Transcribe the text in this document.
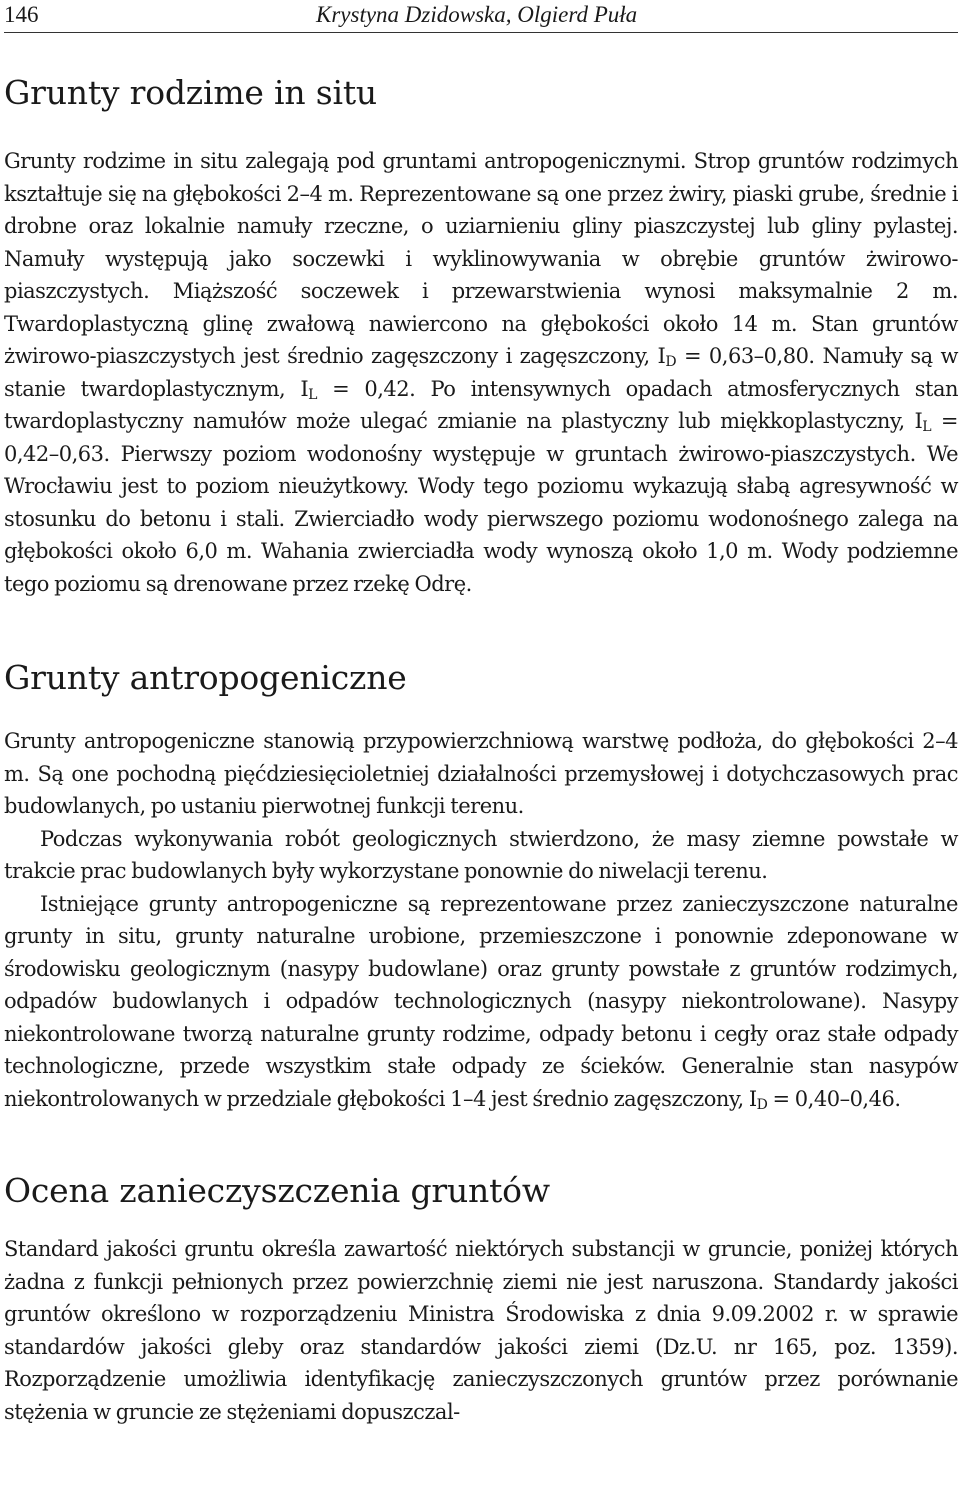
146	Krystyna Dzidowska, Olgierd Puła
Grunty rodzime in situ

Grunty rodzime in situ zalegają pod gruntami antropogenicznymi. Strop gruntów rodzimych kształtuje się na głębokości 2–4 m. Reprezentowane są one przez żwiry, piaski grube, średnie i drobne oraz lokalnie namuły rzeczne, o uziarnieniu gliny piaszczystej lub gliny pylastej. Namuły występują jako soczewki i wyklinowywania w obrębie gruntów żwirowo-piaszczystych. Miąższość soczewek i przewarstwienia wynosi maksymalnie 2 m. Twardoplastyczną glinę zwałową nawiercono na głębokości około 14 m. Stan gruntów żwirowo-piaszczystych jest średnio zagęszczony i zagęszczony, $I_D = 0,63-0,80$. Namuły są w stanie twardoplastycznym, $I_L = 0,42$. Po intensywnych opadach atmosferycznych stan twardoplastyczny namułów może ulegać zmianie na plastyczny lub miękkoplastyczny, $I_L = 0,42-0,63$. Pierwszy poziom wodonośny występuje w gruntach żwirowo-piaszczystych. We Wrocławiu jest to poziom nieużytkowy. Wody tego poziomu wykazują słabą agresywność w stosunku do betonu i stali. Zwierciadło wody pierwszego poziomu wodonośnego zalega na głębokości około 6,0 m. Wahania zwierciadła wody wynoszą około 1,0 m. Wody podziemne tego poziomu są drenowane przez rzekę Odrę.

Grunty antropogeniczne

Grunty antropogeniczne stanowią przypowierzchniową warstwę podłoża, do głębokości 2–4 m. Są one pochodną pięćdziesięcioletniej działalności przemysłowej i dotychczasowych prac budowlanych, po ustaniu pierwotnej funkcji terenu.

Podczas wykonywania robót geologicznych stwierdzono, że masy ziemne powstałe w trakcie prac budowlanych były wykorzystane ponownie do niwelacji terenu.

Istniejące grunty antropogeniczne są reprezentowane przez zanieczyszczone naturalne grunty in situ, grunty naturalne urobione, przemieszczone i ponownie zdeponowane w środowisku geologicznym (nasypy budowlane) oraz grunty powstałe z gruntów rodzimych, odpadów budowlanych i odpadów technologicznych (nasypy niekontrolowane). Nasypy niekontrolowane tworzą naturalne grunty rodzime, odpady betonu i cegły oraz stałe odpady technologiczne, przede wszystkim stałe odpady ze ścieków. Generalnie stan nasypów niekontrolowanych w przedziale głębokości 1–4 jest średnio zagęszczony, $I_D = 0,40-0,46$.

Ocena zanieczyszczenia gruntów

Standard jakości gruntu określa zawartość niektórych substancji w gruncie, poniżej których żadna z funkcji pełnionych przez powierzchnię ziemi nie jest naruszona. Standardy jakości gruntów określono w rozporządzeniu Ministra Środowiska z dnia 9.09.2002 r. w sprawie standardów jakości gleby oraz standardów jakości ziemi (Dz.U. nr 165, poz. 1359). Rozporządzenie umożliwia identyfikację zanieczyszczonych gruntów przez porównanie stężenia w gruncie ze stężeniami dopuszczal-
